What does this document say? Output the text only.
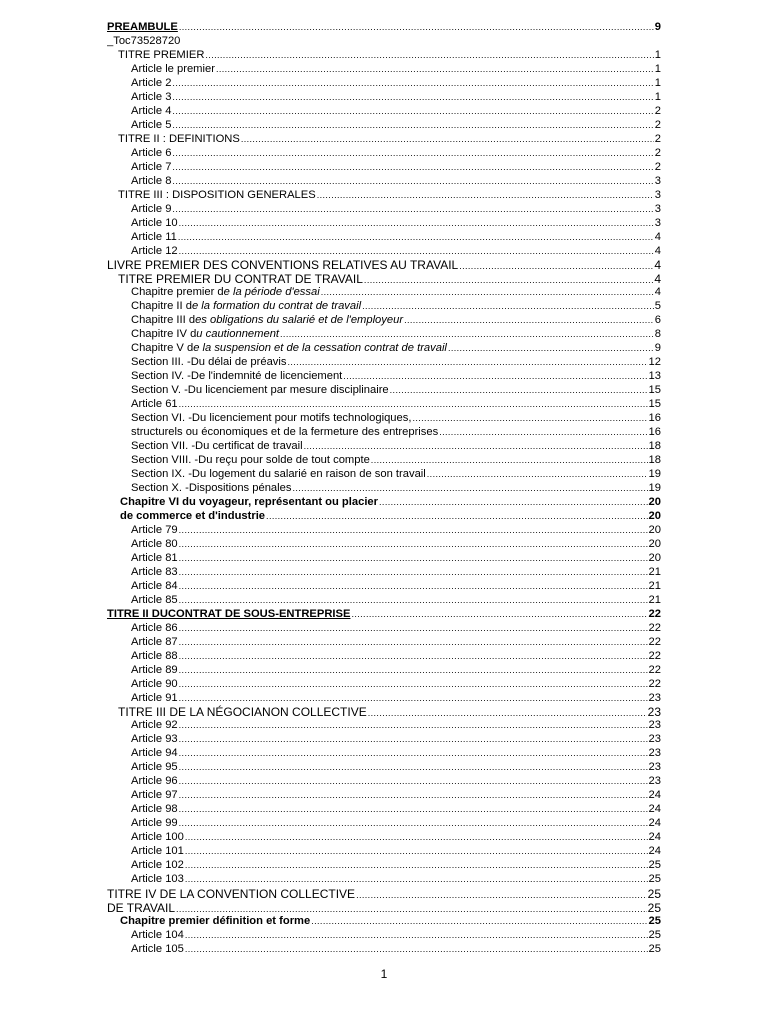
PREAMBULE .....	9
_Toc73528720
TITRE PREMIER .....	1
Article le premier .....	1
Article 2 .....	1
Article 3 .....	1
Article 4 .....	2
Article 5 .....	2
TITRE II : DEFINITIONS .....	2
Article 6 .....	2
Article 7 .....	2
Article 8 .....	3
TITRE III : DISPOSITION GENERALES .....	3
Article 9 .....	3
Article 10 .....	3
Article 11 .....	4
Article 12 .....	4
LIVRE PREMIER DES CONVENTIONS RELATIVES AU TRAVAIL .....	4
TITRE PREMIER DU CONTRAT DE TRAVAIL .....	4
Chapitre premier de la période d'essai .....	4
Chapitre II de la formation du contrat de travail .....	5
Chapitre III des obligations du salarié et de l'employeur .....	6
Chapitre IV du cautionnement .....	8
Chapitre V de la suspension et de la cessation contrat de travail .....	9
Section III. -Du délai de préavis .....	12
Section IV. -De l'indemnité de licenciement .....	13
Section V. -Du licenciement par mesure disciplinaire .....	15
Article 61 .....	15
Section VI. -Du licenciement pour motifs technologiques, .....	16
structurels ou économiques et de la fermeture des entreprises .....	16
Section VII. -Du certificat de travail .....	18
Section VIII. -Du reçu pour solde de tout compte .....	18
Section IX. -Du logement du salarié en raison de son travail .....	19
Section X. -Dispositions pénales .....	19
Chapitre VI du voyageur, représentant ou placier .....	20
de commerce et d'industrie .....	20
Article 79 .....	20
Article 80 .....	20
Article 81 .....	20
Article 83 .....	21
Article 84 .....	21
Article 85 .....	21
TITRE II DUCONTRAT DE SOUS-ENTREPRISE .....	22
Article 86 .....	22
Article 87 .....	22
Article 88 .....	22
Article 89 .....	22
Article 90 .....	22
Article 91 .....	23
TITRE III DE LA NÉGOCIANON COLLECTIVE .....	23
Article 92 .....	23
Article 93 .....	23
Article 94 .....	23
Article 95 .....	23
Article 96 .....	23
Article 97 .....	24
Article 98 .....	24
Article 99 .....	24
Article 100 .....	24
Article 101 .....	24
Article 102 .....	25
Article 103 .....	25
TITRE IV DE LA CONVENTION COLLECTIVE .....	25
DE TRAVAIL .....	25
Chapitre premier définition et forme .....	25
Article 104 .....	25
Article 105 .....	25
1
